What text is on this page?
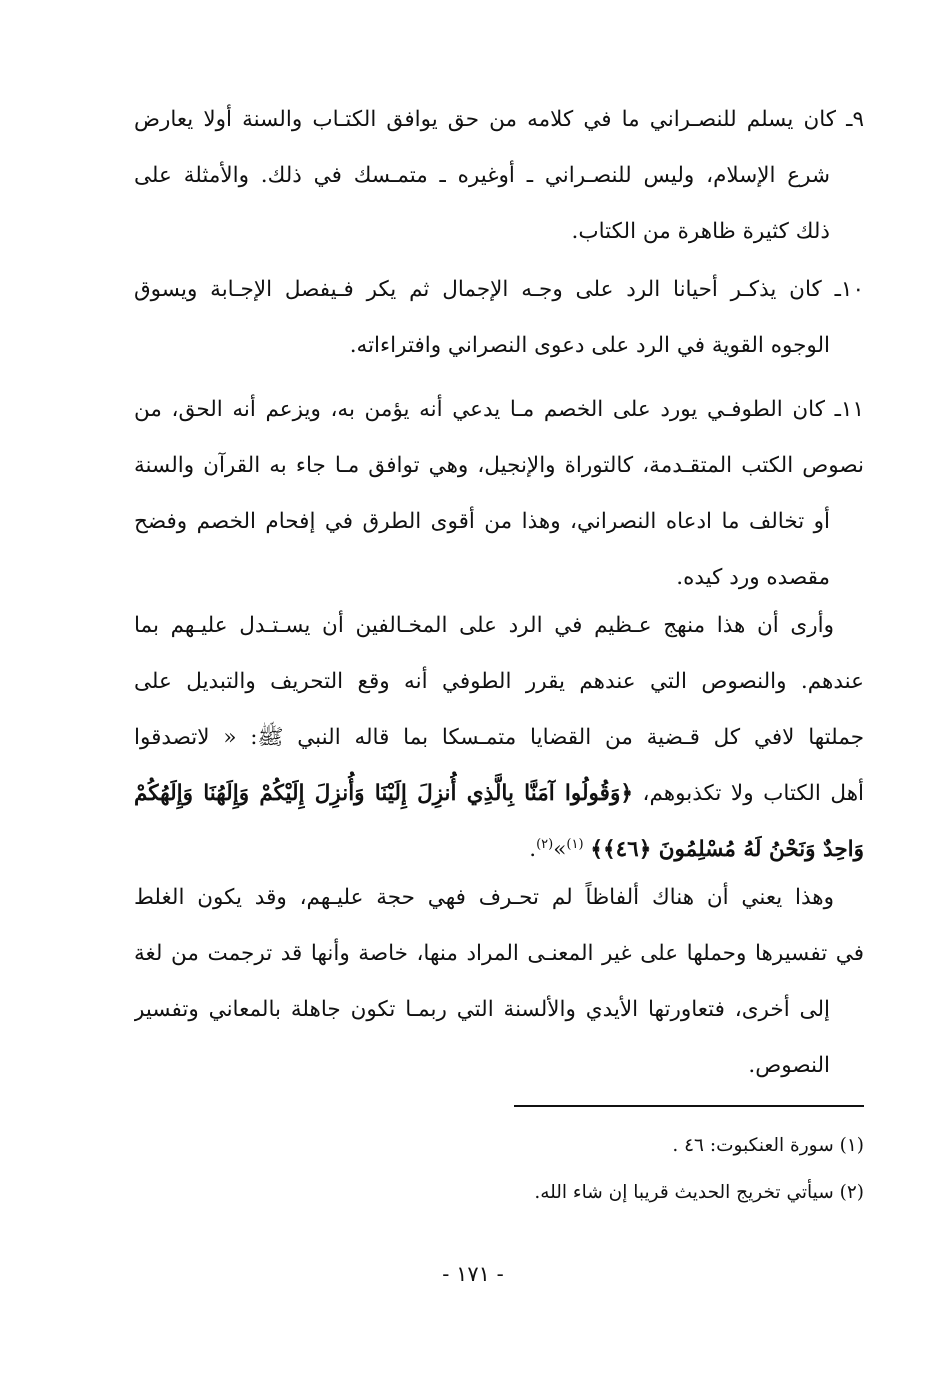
٩ـ كان يسلم للنصـراني ما في كلامه من حق يوافق الكتـاب والسنة أولا يعارض
شرع الإسلام، وليس للنصـراني ـ أوغيره ـ متمـسك في ذلك. والأمثلة على
ذلك كثيرة ظاهرة من الكتاب.
١٠ـ كان يذكـر أحيانا الرد على وجـه الإجمال ثم يكر فـيفصل الإجـابة ويسوق
الوجوه القوية في الرد على دعوى النصراني وافتراءاته.
١١ـ كان الطوفـي يورد على الخصم مـا يدعي أنه يؤمن به، ويزعم أنه الحق، من
نصوص الكتب المتقـدمة، كالتوراة والإنجيل، وهي توافق مـا جاء به القرآن والسنة
أو تخالف ما ادعاه النصراني، وهذا من أقوى الطرق في إفحام الخصم وفضح
مقصده ورد كيده.
وأرى أن هذا منهج عـظيم في الرد على المخـالفين أن يسـتـدل عليـهم بما
عندهم. والنصوص التي عندهم يقرر الطوفي أنه وقع التحريف والتبديل على
جملتها لافي كل قـضية من القضايا متمـسكا بما قاله النبي ﷺ: « لاتصدقوا
أهل الكتاب ولا تكذبوهم، ﴿وَقُولُوا آمَنَّا بِالَّذِي أُنزِلَ إِلَيْنَا وَأُنزِلَ إِلَيْكُمْ وَإِلَهُنَا وَإِلَهُكُمْ
وَاحِدٌ وَنَحْنُ لَهُ مُسْلِمُونَ ﴿٤٦﴾﴾ $^{(١)}$»$^{(٢)}$.
وهذا يعني أن هناك ألفاظاً لم تحـرف فهي حجة عليـهم، وقد يكون الغلط
في تفسيرها وحملها على غير المعنـى المراد منها، خاصة وأنها قد ترجمت من لغة
إلى أخرى، فتعاورتها الأيدي والألسنة التي ربمـا تكون جاهلة بالمعاني وتفسير
النصوص.
(١) سورة العنكبوت: ٤٦ .
(٢) سيأتي تخريج الحديث قريبا إن شاء الله.
- ١٧١ -
